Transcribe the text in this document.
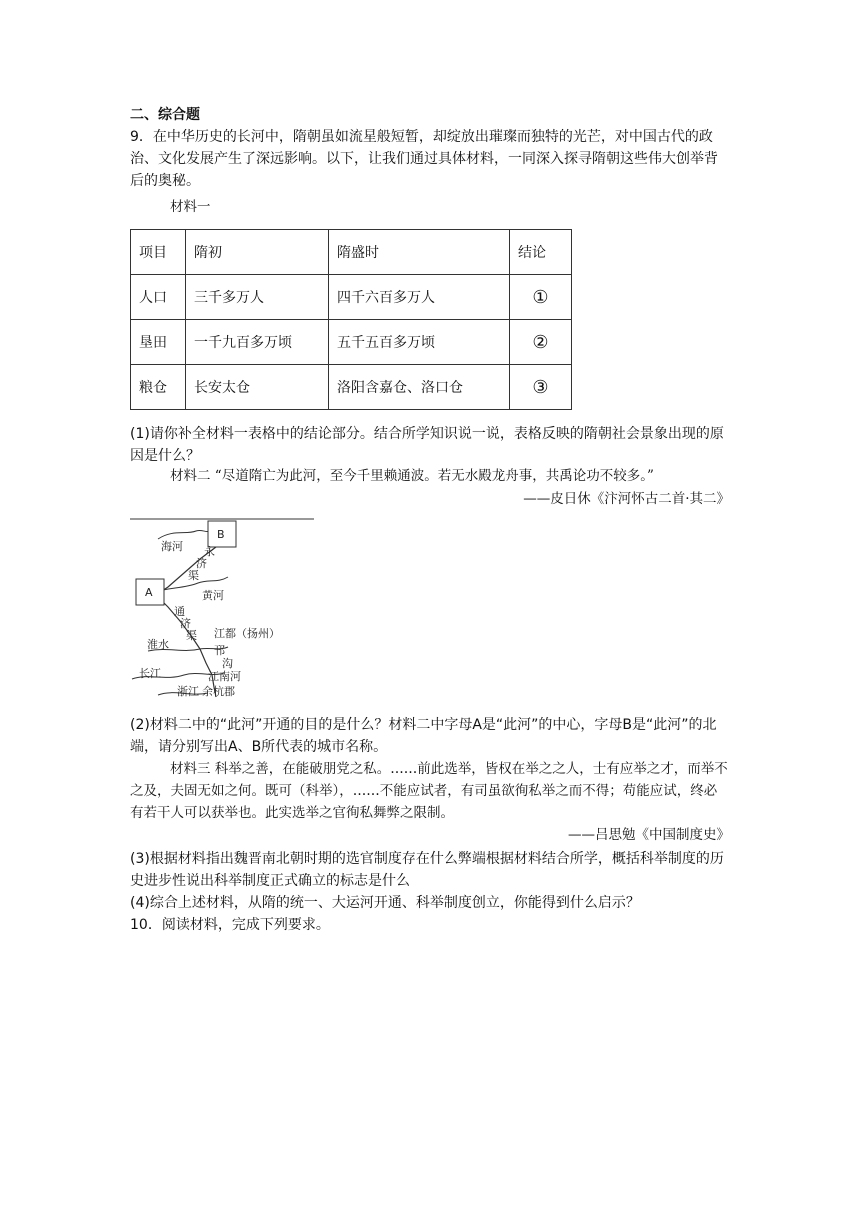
二、综合题
9．在中华历史的长河中，隋朝虽如流星般短暂，却绽放出璀璨而独特的光芒，对中国古代的政治、文化发展产生了深远影响。以下，让我们通过具体材料，一同深入探寻隋朝这些伟大创举背后的奥秘。
材料一
项目	隋初	隋盛时	结论
人口	三千多万人	四千六百多万人	①
垦田	一千九百多万顷	五千五百多万顷	②
粮仓	长安太仓	洛阳含嘉仓、洛口仓	③
(1)请你补全材料一表格中的结论部分。结合所学知识说一说，表格反映的隋朝社会景象出现的原因是什么？
材料二 “尽道隋亡为此河，至今千里赖通波。若无水殿龙舟事，共禹论功不较多。”
——皮日休《汴河怀古二首·其二》
B
A
海河 永
济
渠
黄河
通
济
渠 江都（扬州）
淮水	邗
沟
长江	江南河
浙江 余杭郡
(2)材料二中的“此河”开通的目的是什么？材料二中字母A是“此河”的中心，字母B是“此河”的北端，请分别写出A、B所代表的城市名称。
材料三 科举之善，在能破朋党之私。……前此选举，皆权在举之之人，士有应举之才，而举不之及，夫固无如之何。既可（科举），……不能应试者，有司虽欲徇私举之而不得；苟能应试，终必有若干人可以获举也。此实选举之官徇私舞弊之限制。
——吕思勉《中国制度史》
(3)根据材料指出魏晋南北朝时期的选官制度存在什么弊端根据材料结合所学，概括科举制度的历史进步性说出科举制度正式确立的标志是什么
(4)综合上述材料，从隋的统一、大运河开通、科举制度创立，你能得到什么启示？
10．阅读材料，完成下列要求。
